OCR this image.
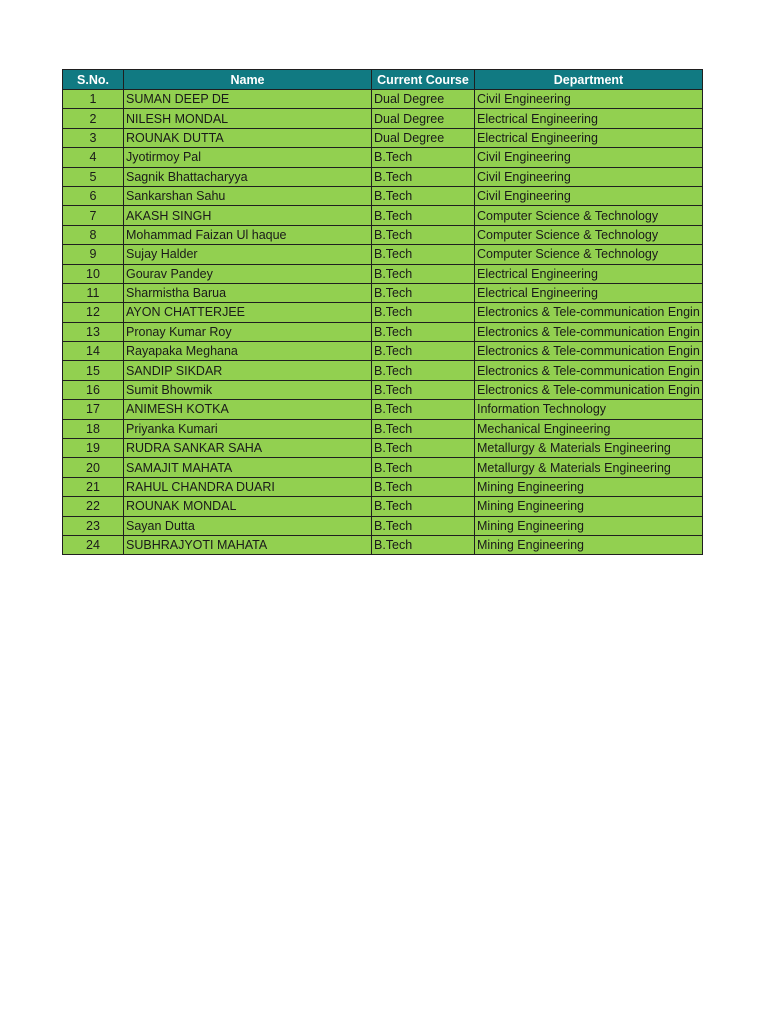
S.No.	Name	Current Course	Department
1	SUMAN DEEP DE	Dual Degree	Civil Engineering
2	NILESH MONDAL	Dual Degree	Electrical Engineering
3	ROUNAK DUTTA	Dual Degree	Electrical Engineering
4	Jyotirmoy Pal	B.Tech	Civil Engineering
5	Sagnik Bhattacharyya	B.Tech	Civil Engineering
6	Sankarshan Sahu	B.Tech	Civil Engineering
7	AKASH SINGH	B.Tech	Computer Science & Technology
8	Mohammad Faizan Ul haque	B.Tech	Computer Science & Technology
9	Sujay Halder	B.Tech	Computer Science & Technology
10	Gourav Pandey	B.Tech	Electrical Engineering
11	Sharmistha Barua	B.Tech	Electrical Engineering
12	AYON CHATTERJEE	B.Tech	Electronics & Tele-communication Engin
13	Pronay Kumar Roy	B.Tech	Electronics & Tele-communication Engin
14	Rayapaka Meghana	B.Tech	Electronics & Tele-communication Engin
15	SANDIP SIKDAR	B.Tech	Electronics & Tele-communication Engin
16	Sumit Bhowmik	B.Tech	Electronics & Tele-communication Engin
17	ANIMESH KOTKA	B.Tech	Information Technology
18	Priyanka Kumari	B.Tech	Mechanical Engineering
19	RUDRA SANKAR SAHA	B.Tech	Metallurgy & Materials Engineering
20	SAMAJIT MAHATA	B.Tech	Metallurgy & Materials Engineering
21	RAHUL CHANDRA DUARI	B.Tech	Mining Engineering
22	ROUNAK MONDAL	B.Tech	Mining Engineering
23	Sayan Dutta	B.Tech	Mining Engineering
24	SUBHRAJYOTI MAHATA	B.Tech	Mining Engineering
